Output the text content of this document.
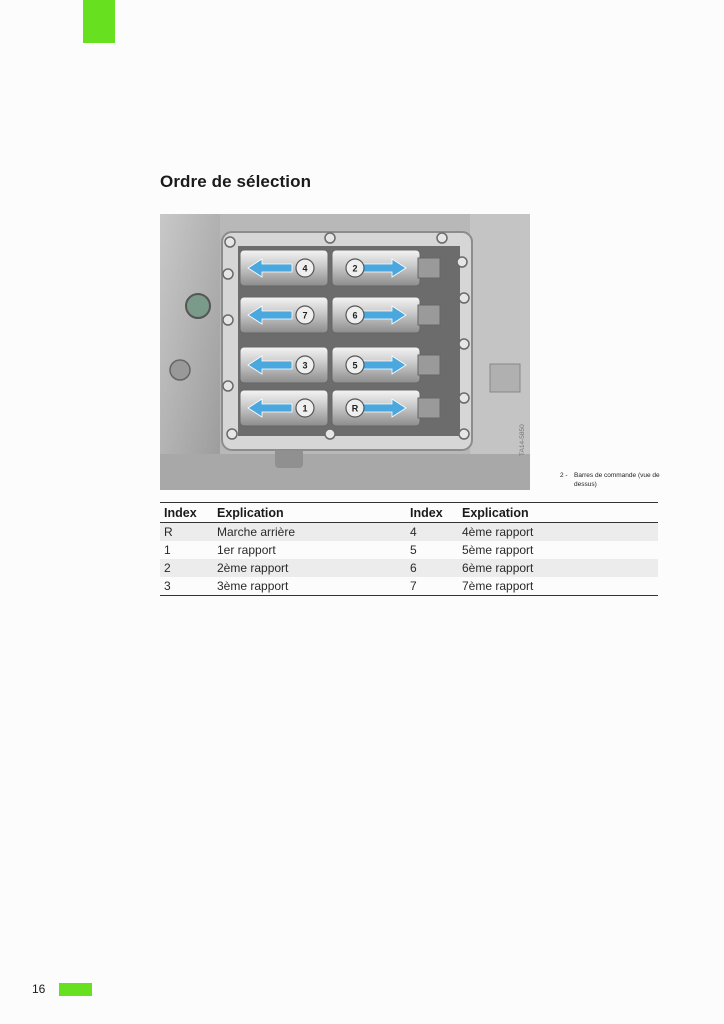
Ordre de sélection
4	2
7	6
3	5
1	R
TA14-5850
2 - Barres de commande (vue de dessus)
Index	Explication	Index	Explication
R	Marche arrière	4	4ème rapport
1	1er rapport	5	5ème rapport
2	2ème rapport	6	6ème rapport
3	3ème rapport	7	7ème rapport
16
